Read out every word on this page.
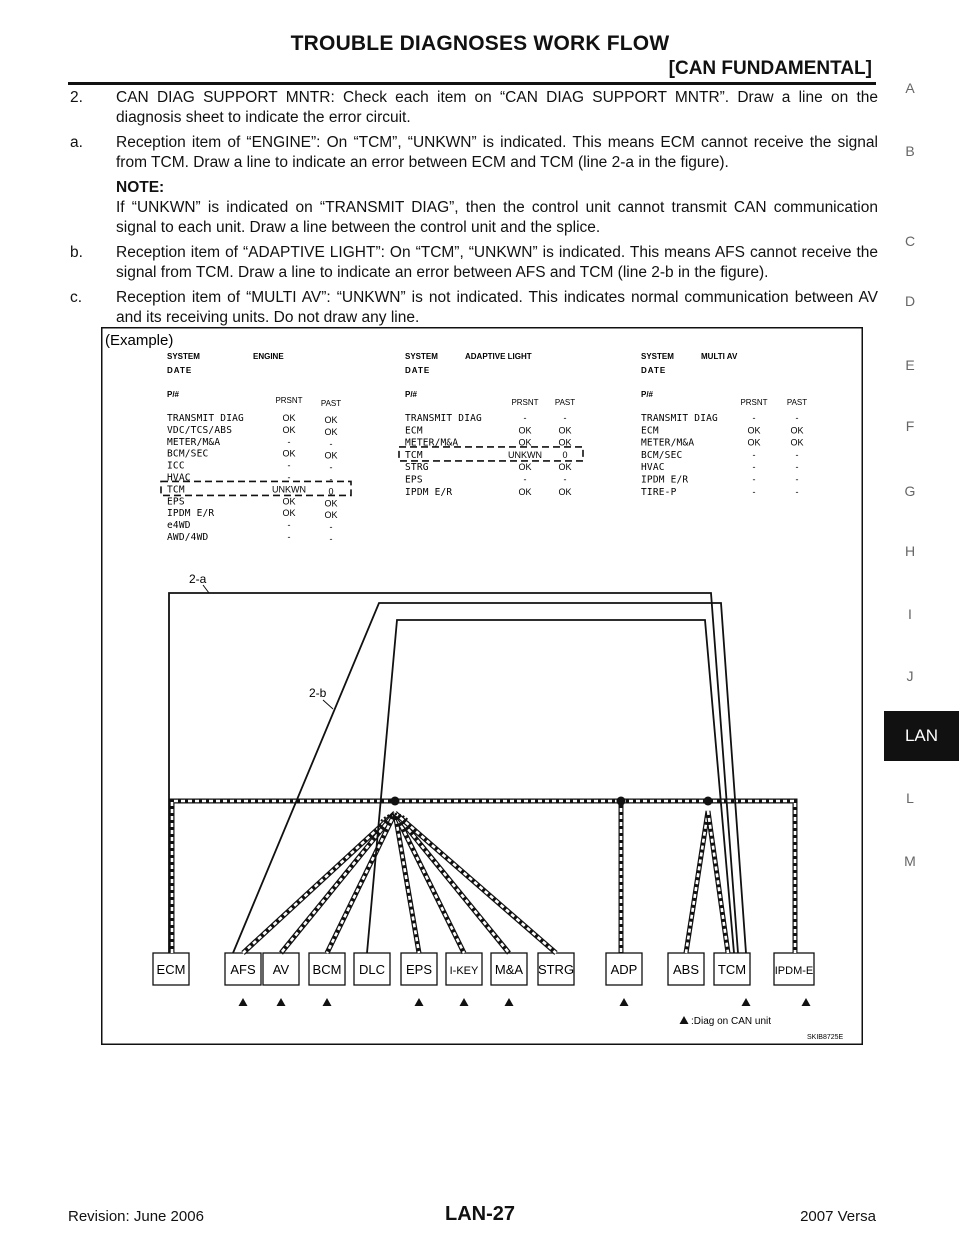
TROUBLE DIAGNOSES WORK FLOW
[CAN FUNDAMENTAL]
2. CAN DIAG SUPPORT MNTR: Check each item on “CAN DIAG SUPPORT MNTR”. Draw a line on the diagnosis sheet to indicate the error circuit.
a. Reception item of “ENGINE”: On “TCM”, “UNKWN” is indicated. This means ECM cannot receive the signal from TCM. Draw a line to indicate an error between ECM and TCM (line 2-a in the figure).
NOTE:
If “UNKWN” is indicated on “TRANSMIT DIAG”, then the control unit cannot transmit CAN communication signal to each unit. Draw a line between the control unit and the splice.
b. Reception item of “ADAPTIVE LIGHT”: On “TCM”, “UNKWN” is indicated. This means AFS cannot receive the signal from TCM. Draw a line to indicate an error between AFS and TCM (line 2-b in the figure).
c. Reception item of “MULTI AV”: “UNKWN” is not indicated. This indicates normal communication between AV and its receiving units. Do not draw any line.
A
B
C
D
E
F
G
H
I
J
LAN
L
M
(Example)
SYSTEM	ENGINE
DATE
P/#
PRSNT PAST
TRANSMIT DIAG	OK	OK
VDC/TCS/ABS	OK	OK
METER/M&A	-	-
BCM/SEC	OK	OK
ICC	-	-
HVAC	-	-
TCM	UNKWN 0
EPS	OK	OK
IPDM E/R	OK	OK
e4WD	-	-
AWD/4WD	-	-
SYSTEM	ADAPTIVE LIGHT
DATE
P/#
PRSNT PAST
TRANSMIT DIAG	-	-
ECM	OK	OK
METER/M&A	OK	OK
TCM	UNKWN 0
STRG	OK	OK
EPS	-	-
IPDM E/R	OK	OK
SYSTEM	MULTI AV
DATE
P/#
PRSNT PAST
TRANSMIT DIAG	-	-
ECM	OK	OK
METER/M&A	OK	OK
BCM/SEC	-	-
HVAC	-	-
IPDM E/R	-	-
TIRE-P	-	-
ECM	AFS AV BCM DLC EPS I-KEY M&A STRG	ADP	ABS TCM	IPDM-E
2-a
2-b
:Diag on CAN unit
SKIB8725E
Revision: June 2006	LAN-27	2007 Versa
